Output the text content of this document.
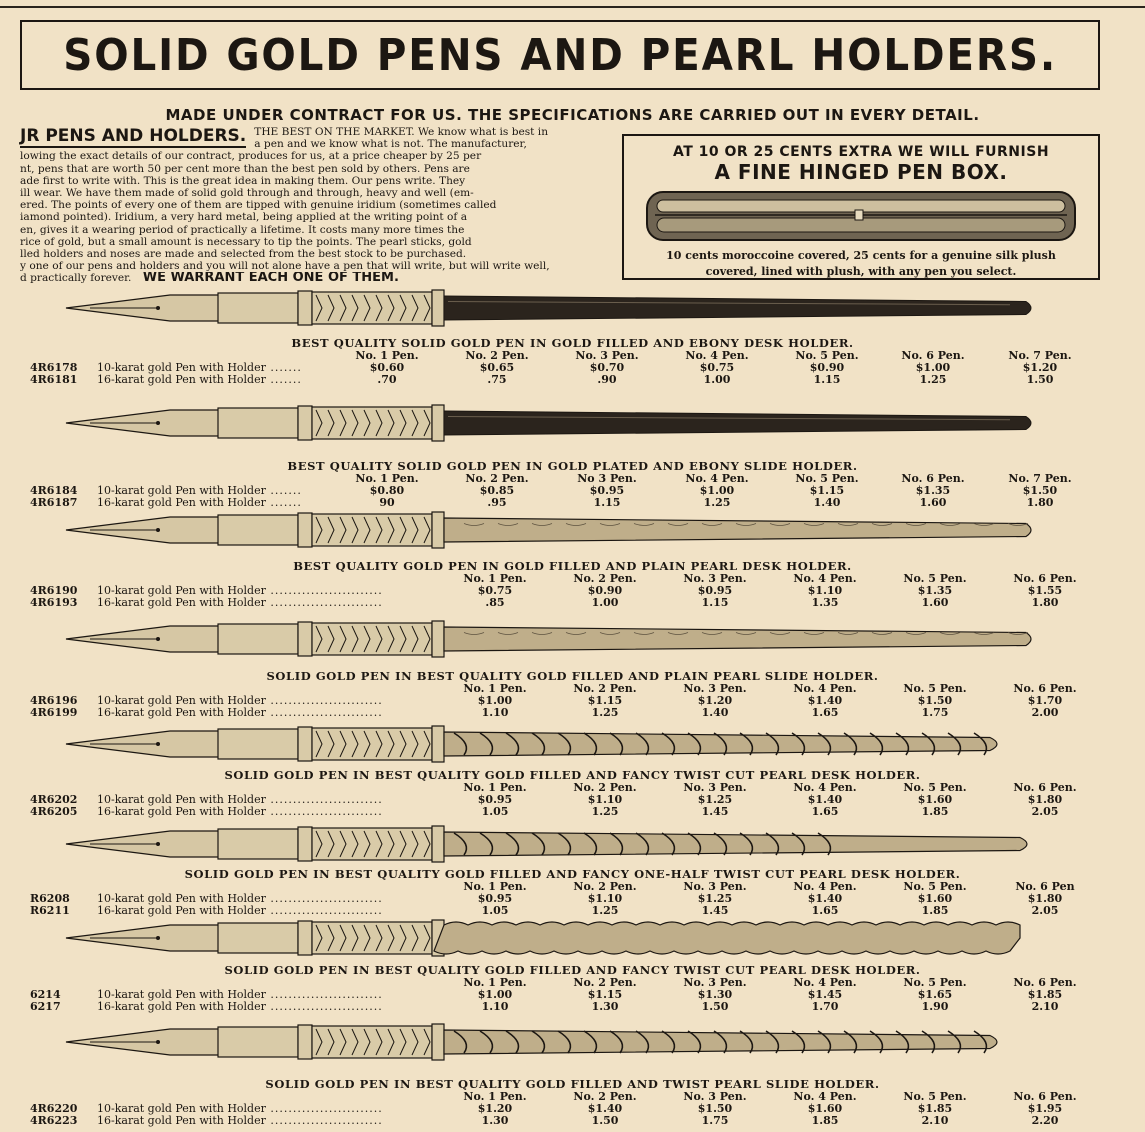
SOLID GOLD PENS AND PEARL HOLDERS.
MADE UNDER CONTRACT FOR US. THE SPECIFICATIONS ARE CARRIED OUT IN EVERY DETAIL.
JR PENS AND HOLDERS. THE BEST ON THE MARKET. We know what is best in
a pen and we know what is not. The manufacturer,
lowing the exact details of our contract, produces for us, at a price cheaper by 25 per
nt, pens that are worth 50 per cent more than the best pen sold by others. Pens are
ade first to write with. This is the great idea in making them. Our pens write. They
ill wear. We have them made of solid gold through and through, heavy and well (em-
ered. The points of every one of them are tipped with genuine iridium (sometimes called
iamond pointed). Iridium, a very hard metal, being applied at the writing point of a
en, gives it a wearing period of practically a lifetime. It costs many more times the
rice of gold, but a small amount is necessary to tip the points. The pearl sticks, gold
lled holders and noses are made and selected from the best stock to be purchased.
y one of our pens and holders and you will not alone have a pen that will write, but will write well,
d practically forever. WE WARRANT EACH ONE OF THEM.
AT 10 OR 25 CENTS EXTRA WE WILL FURNISH
A FINE HINGED PEN BOX.
10 cents moroccoine covered, 25 cents for a genuine silk plush
covered, lined with plush, with any pen you select.
BEST QUALITY SOLID GOLD PEN IN GOLD FILLED AND EBONY DESK HOLDER.
No. 1 Pen.	No. 2 Pen.	No. 3 Pen.	No. 4 Pen.	No. 5 Pen.	No. 6 Pen.	No. 7 Pen.
4R6178	10-karat gold Pen with Holder .......	$0.60	$0.65	$0.70	$0.75	$0.90	$1.00	$1.20
4R6181	16-karat gold Pen with Holder .......	.70	.75	.90	1.00	1.15	1.25	1.50
BEST QUALITY SOLID GOLD PEN IN GOLD PLATED AND EBONY SLIDE HOLDER.
No. 1 Pen.	No. 2 Pen.	No 3 Pen.	No. 4 Pen.	No. 5 Pen.	No. 6 Pen.	No. 7 Pen.
4R6184	10-karat gold Pen with Holder .......	$0.80	$0.85	$0.95	$1.00	$1.15	$1.35	$1.50
4R6187	16-karat gold Pen with Holder .......	90	.95	1.15	1.25	1.40	1.60	1.80
BEST QUALITY GOLD PEN IN GOLD FILLED AND PLAIN PEARL DESK HOLDER.
No. 1 Pen.	No. 2 Pen.	No. 3 Pen.	No. 4 Pen.	No. 5 Pen.	No. 6 Pen.
4R6190	10-karat gold Pen with Holder .........................	$0.75	$0.90	$0.95	$1.10	$1.35	$1.55
4R6193	16-karat gold Pen with Holder .........................	.85	1.00	1.15	1.35	1.60	1.80
SOLID GOLD PEN IN BEST QUALITY GOLD FILLED AND PLAIN PEARL SLIDE HOLDER.
No. 1 Pen.	No. 2 Pen.	No. 3 Pen.	No. 4 Pen.	No. 5 Pen.	No. 6 Pen.
4R6196	10-karat gold Pen with Holder .........................	$1.00	$1.15	$1.20	$1.40	$1.50	$1.70
4R6199	16-karat gold Pen with Holder .........................	1.10	1.25	1.40	1.65	1.75	2.00
SOLID GOLD PEN IN BEST QUALITY GOLD FILLED AND FANCY TWIST CUT PEARL DESK HOLDER.
No. 1 Pen.	No. 2 Pen.	No. 3 Pen.	No. 4 Pen.	No. 5 Pen.	No. 6 Pen.
4R6202	10-karat gold Pen with Holder .........................	$0.95	$1.10	$1.25	$1.40	$1.60	$1.80
4R6205	16-karat gold Pen with Holder .........................	1.05	1.25	1.45	1.65	1.85	2.05
SOLID GOLD PEN IN BEST QUALITY GOLD FILLED AND FANCY ONE-HALF TWIST CUT PEARL DESK HOLDER.
No. 1 Pen.	No. 2 Pen.	No. 3 Pen.	No. 4 Pen.	No. 5 Pen.	No. 6 Pen
R6208	10-karat gold Pen with Holder .........................	$0.95	$1.10	$1.25	$1.40	$1.60	$1.80
R6211	16-karat gold Pen with Holder .........................	1.05	1.25	1.45	1.65	1.85	2.05
SOLID GOLD PEN IN BEST QUALITY GOLD FILLED AND FANCY TWIST CUT PEARL DESK HOLDER.
No. 1 Pen.	No. 2 Pen.	No. 3 Pen.	No. 4 Pen.	No. 5 Pen.	No. 6 Pen.
6214	10-karat gold Pen with Holder .........................	$1.00	$1.15	$1.30	$1.45	$1.65	$1.85
6217	16-karat gold Pen with Holder .........................	1.10	1.30	1.50	1.70	1.90	2.10
SOLID GOLD PEN IN BEST QUALITY GOLD FILLED AND TWIST PEARL SLIDE HOLDER.
No. 1 Pen.	No. 2 Pen.	No. 3 Pen.	No. 4 Pen.	No. 5 Pen.	No. 6 Pen.
4R6220	10-karat gold Pen with Holder .........................	$1.20	$1.40	$1.50	$1.60	$1.85	$1.95
4R6223	16-karat gold Pen with Holder .........................	1.30	1.50	1.75	1.85	2.10	2.20
